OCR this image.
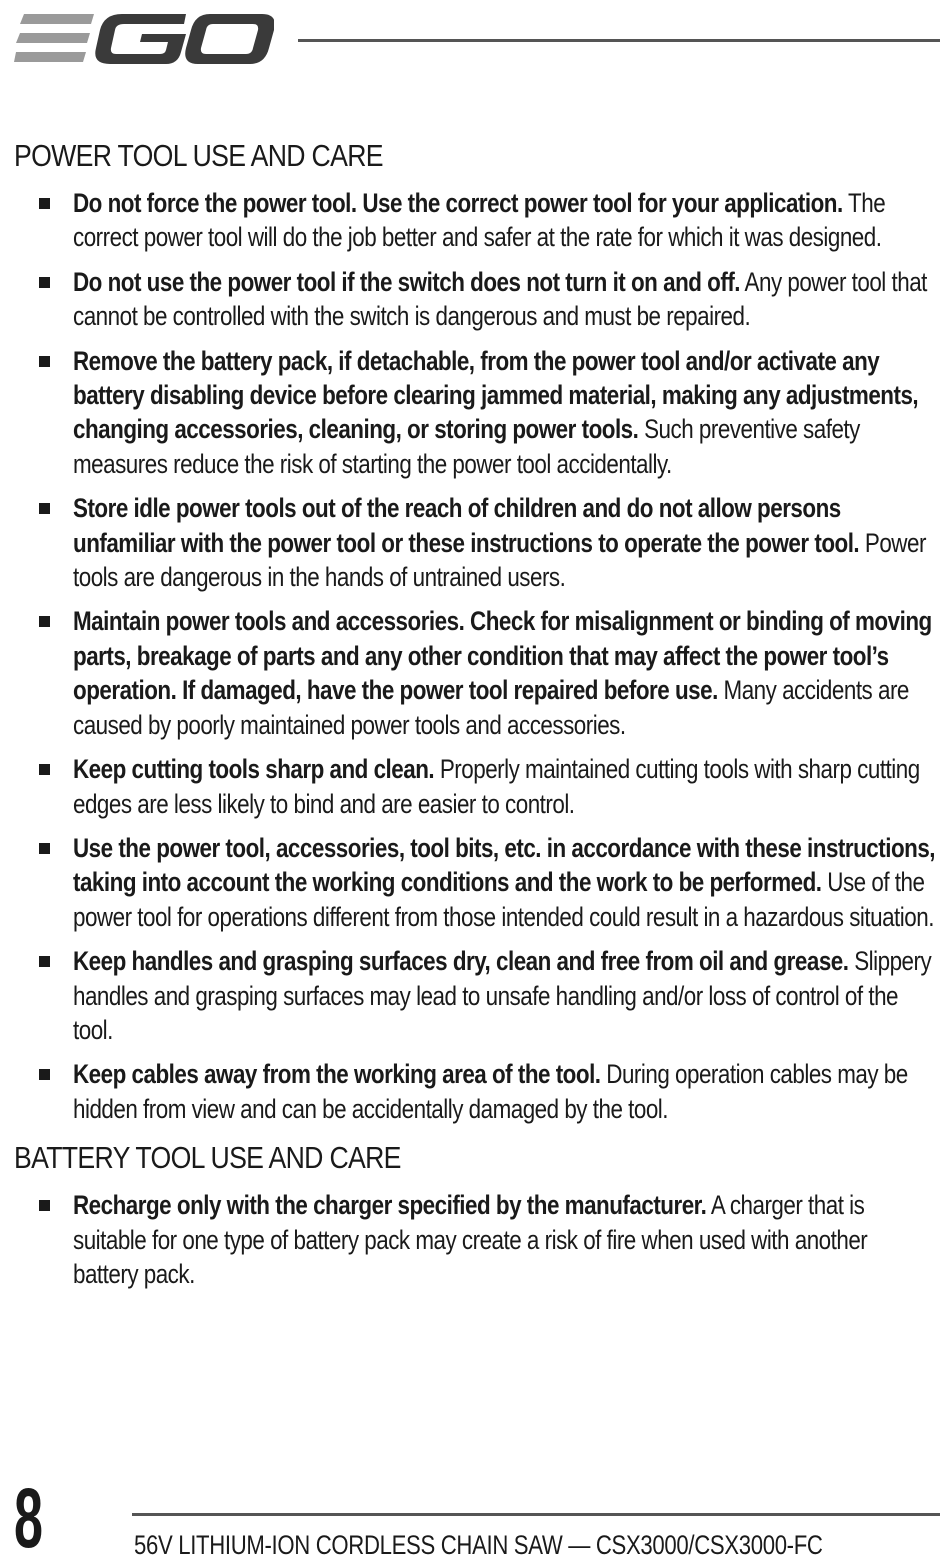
POWER TOOL USE AND CARE
Do not force the power tool. Use the correct power tool for your application. The correct power tool will do the job better and safer at the rate for which it was designed.
Do not use the power tool if the switch does not turn it on and off. Any power tool that cannot be controlled with the switch is dangerous and must be repaired.
Remove the battery pack, if detachable, from the power tool and/or activate any battery disabling device before clearing jammed material, making any adjustments, changing accessories, cleaning, or storing power tools. Such preventive safety measures reduce the risk of starting the power tool accidentally.
Store idle power tools out of the reach of children and do not allow persons unfamiliar with the power tool or these instructions to operate the power tool. Power tools are dangerous in the hands of untrained users.
Maintain power tools and accessories. Check for misalignment or binding of moving parts, breakage of parts and any other condition that may affect the power tool’s operation. If damaged, have the power tool repaired before use. Many accidents are caused by poorly maintained power tools and accessories.
Keep cutting tools sharp and clean. Properly maintained cutting tools with sharp cutting edges are less likely to bind and are easier to control.
Use the power tool, accessories, tool bits, etc. in accordance with these instructions, taking into account the working conditions and the work to be performed. Use of the power tool for operations different from those intended could result in a hazardous situation.
Keep handles and grasping surfaces dry, clean and free from oil and grease. Slippery handles and grasping surfaces may lead to unsafe handling and/or loss of control of the tool.
Keep cables away from the working area of the tool. During operation cables may be hidden from view and can be accidentally damaged by the tool.
BATTERY TOOL USE AND CARE
Recharge only with the charger specified by the manufacturer. A charger that is suitable for one type of battery pack may create a risk of fire when used with another battery pack.
8	56V LITHIUM-ION CORDLESS CHAIN SAW — CSX3000/CSX3000-FC
